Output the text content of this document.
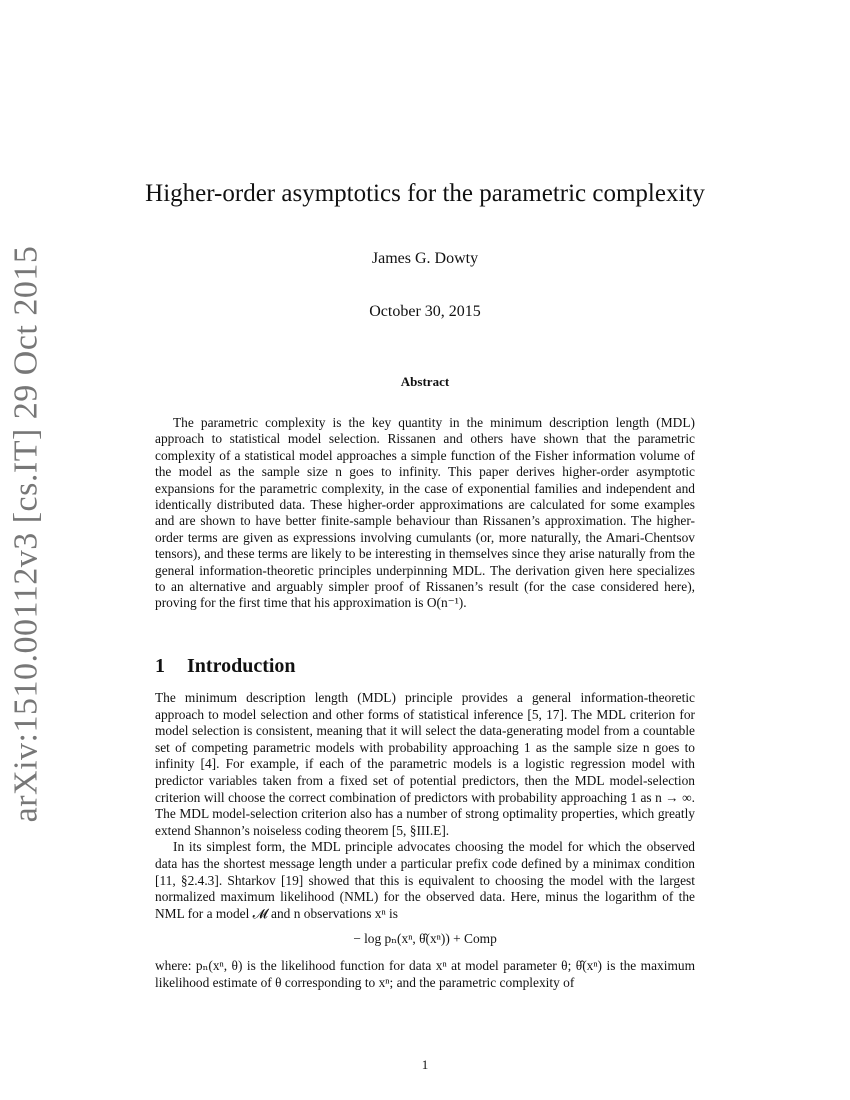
arXiv:1510.00112v3 [cs.IT] 29 Oct 2015
Higher-order asymptotics for the parametric complexity
James G. Dowty
October 30, 2015
Abstract

The parametric complexity is the key quantity in the minimum description length (MDL) approach to statistical model selection. Rissanen and others have shown that the parametric complexity of a statistical model approaches a simple function of the Fisher information volume of the model as the sample size n goes to infinity. This paper derives higher-order asymptotic expansions for the parametric complexity, in the case of exponential families and independent and identically distributed data. These higher-order approximations are calculated for some examples and are shown to have better finite-sample behaviour than Rissanen’s approximation. The higher-order terms are given as expressions involving cumulants (or, more naturally, the Amari-Chentsov tensors), and these terms are likely to be interesting in themselves since they arise naturally from the general information-theoretic principles underpinning MDL. The derivation given here specializes to an alternative and arguably simpler proof of Rissanen’s result (for the case considered here), proving for the first time that his approximation is O(n⁻¹).

1 Introduction

The minimum description length (MDL) principle provides a general information-theoretic approach to model selection and other forms of statistical inference [5, 17]. The MDL criterion for model selection is consistent, meaning that it will select the data-generating model from a countable set of competing parametric models with probability approaching 1 as the sample size n goes to infinity [4]. For example, if each of the parametric models is a logistic regression model with predictor variables taken from a fixed set of potential predictors, then the MDL model-selection criterion will choose the correct combination of predictors with probability approaching 1 as n → ∞. The MDL model-selection criterion also has a number of strong optimality properties, which greatly extend Shannon’s noiseless coding theorem [5, §III.E].

In its simplest form, the MDL principle advocates choosing the model for which the observed data has the shortest message length under a particular prefix code defined by a minimax condition [11, §2.4.3]. Shtarkov [19] showed that this is equivalent to choosing the model with the largest normalized maximum likelihood (NML) for the observed data. Here, minus the logarithm of the NML for a model 𝓜 and n observations xⁿ is

− log pₙ(xⁿ, θ̂(xⁿ)) + Comp

where: pₙ(xⁿ, θ) is the likelihood function for data xⁿ at model parameter θ; θ̂(xⁿ) is the maximum likelihood estimate of θ corresponding to xⁿ; and the parametric complexity of

1
